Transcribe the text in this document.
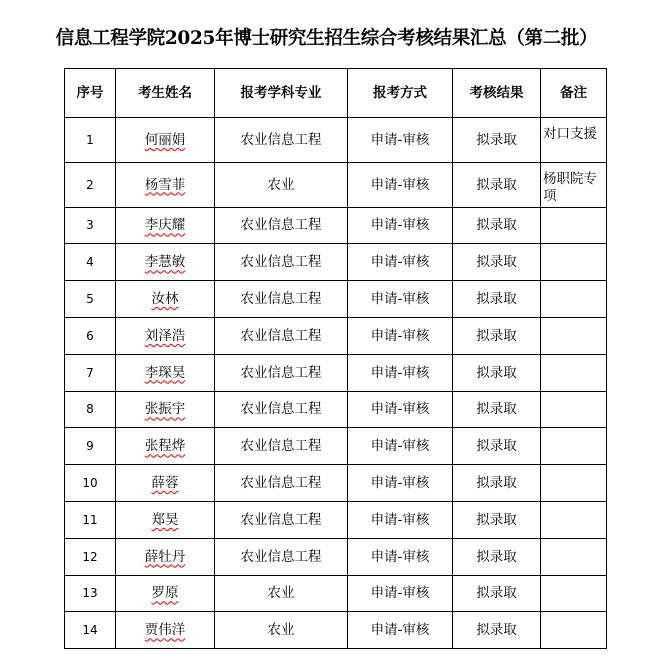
信息工程学院2025年博士研究生招生综合考核结果汇总（第二批）
序号	考生姓名	报考学科专业	报考方式	考核结果	备注
1	何丽娟	农业信息工程	申请-审核	拟录取	对口支援
2	杨雪菲	农业	申请-审核	拟录取	杨职院专项
3	李庆耀	农业信息工程	申请-审核	拟录取	
4	李慧敏	农业信息工程	申请-审核	拟录取	
5	汝林	农业信息工程	申请-审核	拟录取	
6	刘泽浩	农业信息工程	申请-审核	拟录取	
7	李琛昊	农业信息工程	申请-审核	拟录取	
8	张振宇	农业信息工程	申请-审核	拟录取	
9	张程烨	农业信息工程	申请-审核	拟录取	
10	薛蓉	农业信息工程	申请-审核	拟录取	
11	郑昊	农业信息工程	申请-审核	拟录取	
12	薛牡丹	农业信息工程	申请-审核	拟录取	
13	罗原	农业	申请-审核	拟录取	
14	贾伟洋	农业	申请-审核	拟录取	
